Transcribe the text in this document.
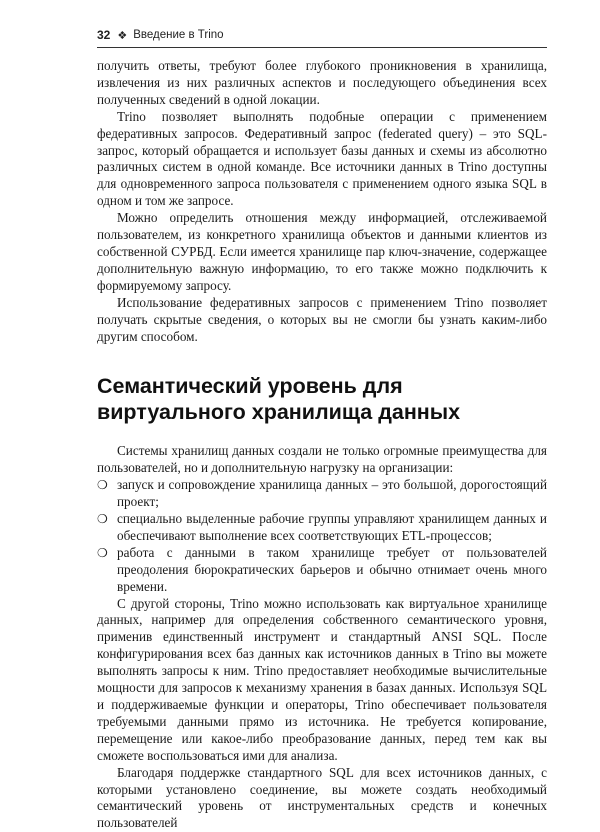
32 ❖ Введение в Trino

получить ответы, требуют более глубокого проникновения в хранилища, извлечения из них различных аспектов и последующего объединения всех полученных сведений в одной локации.

Trino позволяет выполнять подобные операции с применением федеративных запросов. Федеративный запрос (federated query) – это SQL-запрос, который обращается и использует базы данных и схемы из абсолютно различных систем в одной команде. Все источники данных в Trino доступны для одновременного запроса пользователя с применением одного языка SQL в одном и том же запросе.

Можно определить отношения между информацией, отслеживаемой пользователем, из конкретного хранилища объектов и данными клиентов из собственной СУРБД. Если имеется хранилище пар ключ-значение, содержащее дополнительную важную информацию, то его также можно подключить к формируемому запросу.

Использование федеративных запросов с применением Trino позволяет получать скрытые сведения, о которых вы не смогли бы узнать каким-либо другим способом.

Семантический уровень для виртуального хранилища данных

Системы хранилищ данных создали не только огромные преимущества для пользователей, но и дополнительную нагрузку на организации:

❍ запуск и сопровождение хранилища данных – это большой, дорогостоящий проект;
❍ специально выделенные рабочие группы управляют хранилищем данных и обеспечивают выполнение всех соответствующих ETL-процессов;
❍ работа с данными в таком хранилище требует от пользователей преодоления бюрократических барьеров и обычно отнимает очень много времени.

С другой стороны, Trino можно использовать как виртуальное хранилище данных, например для определения собственного семантического уровня, применив единственный инструмент и стандартный ANSI SQL. После конфигурирования всех баз данных как источников данных в Trino вы можете выполнять запросы к ним. Trino предоставляет необходимые вычислительные мощности для запросов к механизму хранения в базах данных. Используя SQL и поддерживаемые функции и операторы, Trino обеспечивает пользователя требуемыми данными прямо из источника. Не требуется копирование, перемещение или какое-либо преобразование данных, перед тем как вы сможете воспользоваться ими для анализа.

Благодаря поддержке стандартного SQL для всех источников данных, с которыми установлено соединение, вы можете создать необходимый семантический уровень от инструментальных средств и конечных пользователей
